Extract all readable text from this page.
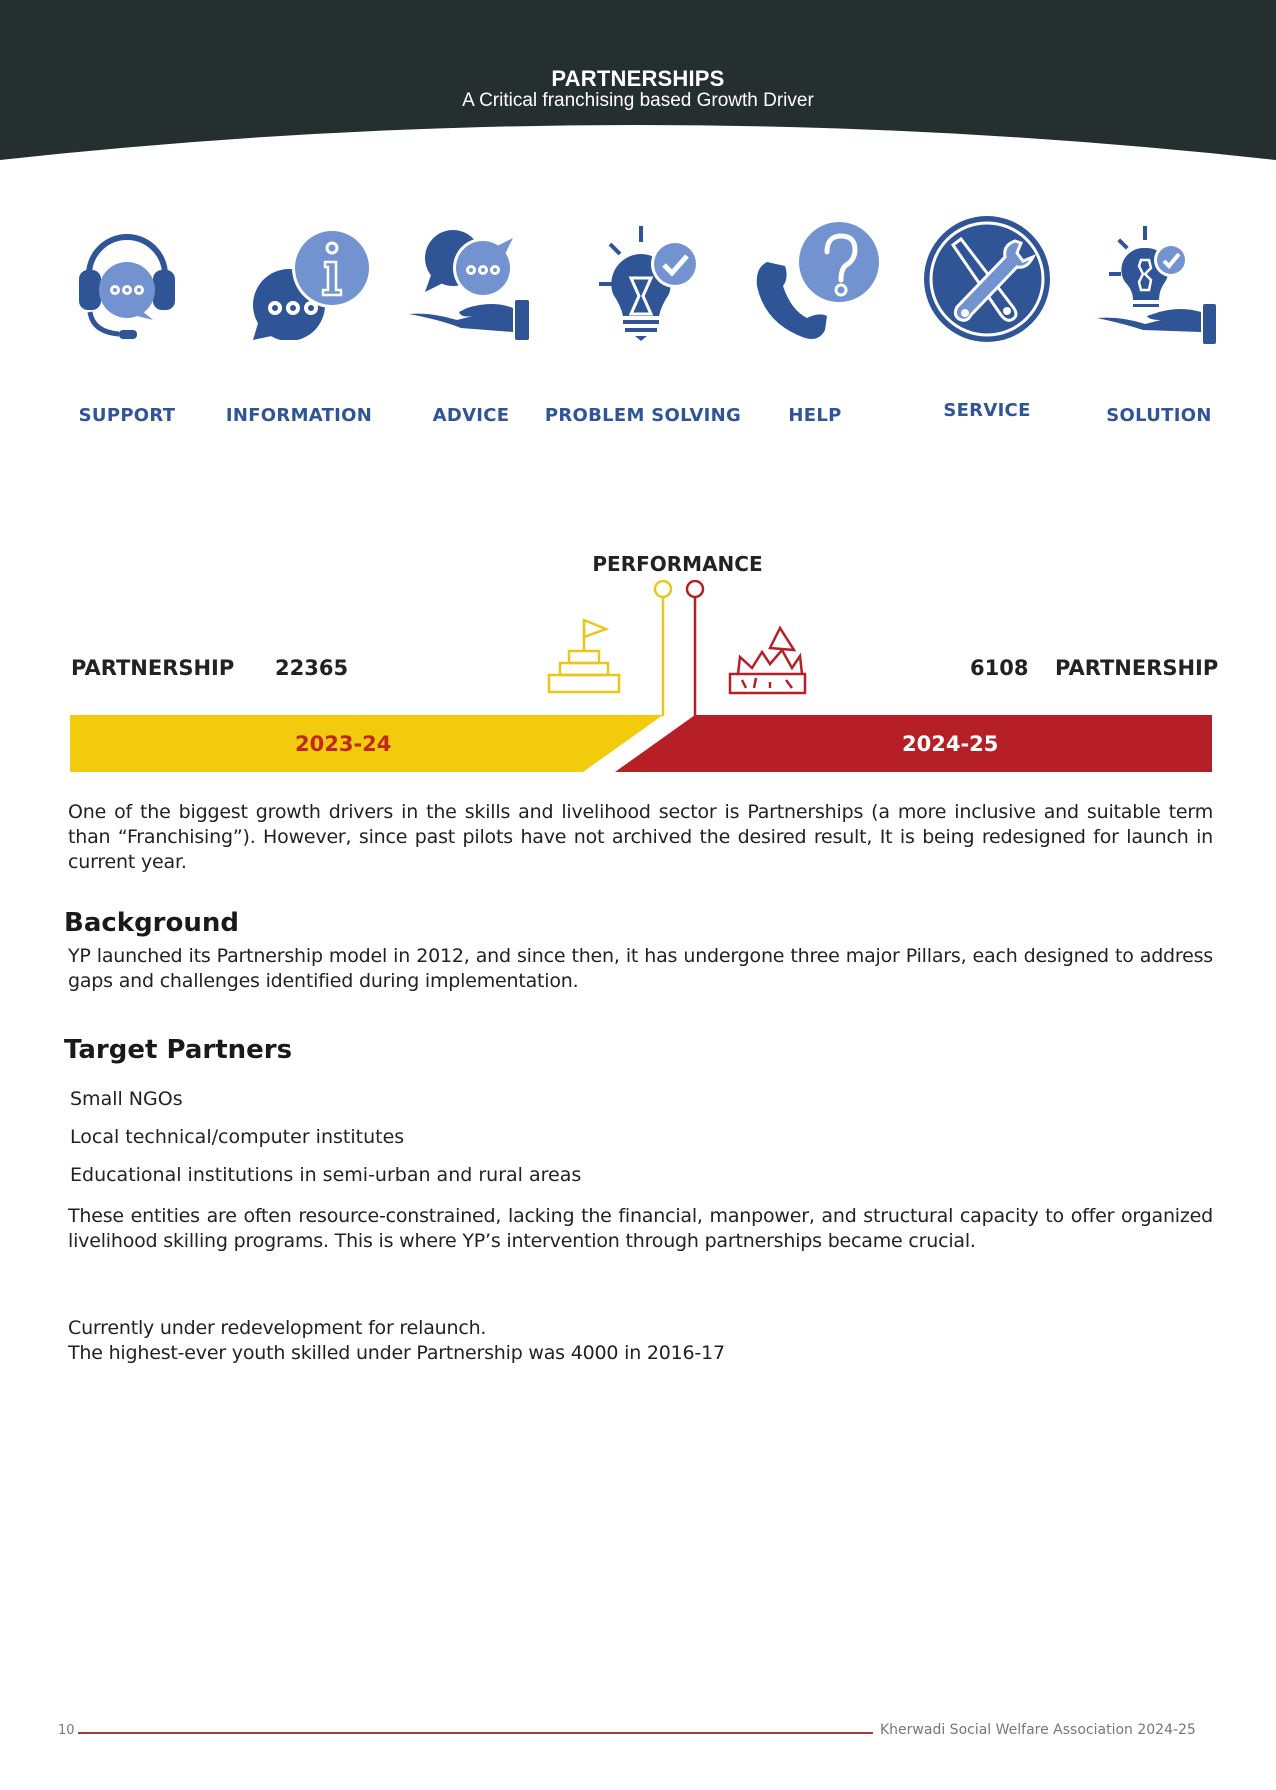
PARTNERSHIPS
A Critical franchising based Growth Driver
SUPPORT	INFORMATION	ADVICE	PROBLEM SOLVING	HELP	SERVICE	SOLUTION
PERFORMANCE
PARTNERSHIP 22365	6108 PARTNERSHIP
2023-24	2024-25
One of the biggest growth drivers in the skills and livelihood sector is Partnerships (a more inclusive and suitable term than “Franchising”). However, since past pilots have not archived the desired result, It is being redesigned for launch in current year.
Background
YP launched its Partnership model in 2012, and since then, it has undergone three major Pillars, each designed to address gaps and challenges identified during implementation.
Target Partners
Small NGOs
Local technical/computer institutes
Educational institutions in semi-urban and rural areas
These entities are often resource-constrained, lacking the financial, manpower, and structural capacity to offer organized livelihood skilling programs. This is where YP’s intervention through partnerships became crucial.
Currently under redevelopment for relaunch.
The highest-ever youth skilled under Partnership was 4000 in 2016-17
10	Kherwadi Social Welfare Association 2024-25
